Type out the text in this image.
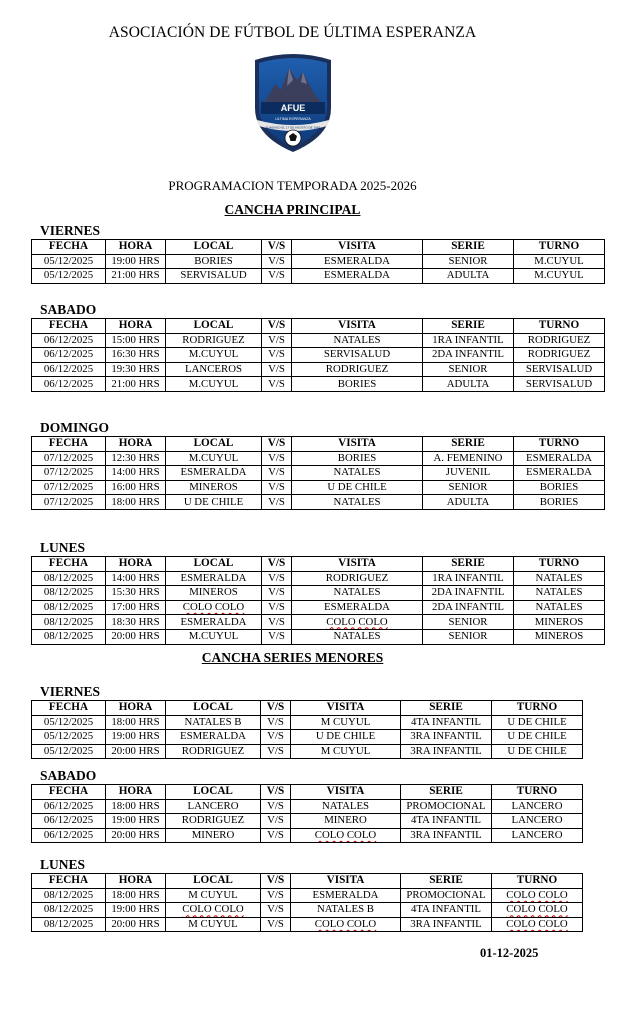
ASOCIACIÓN DE FÚTBOL DE ÚLTIMA ESPERANZA
AFUE
ULTIMA ESPERANZA
FUNDADO EL 17 DE AGOSTO DE 1942
PROGRAMACION TEMPORADA 2025-2026
CANCHA PRINCIPAL
VIERNES
FECHA	HORA	LOCAL	V/S	VISITA	SERIE	TURNO
05/12/2025	19:00 HRS	BORIES	V/S	ESMERALDA	SENIOR	M.CUYUL
05/12/2025	21:00 HRS	SERVISALUD	V/S	ESMERALDA	ADULTA	M.CUYUL
SABADO
FECHA	HORA	LOCAL	V/S	VISITA	SERIE	TURNO
06/12/2025	15:00 HRS	RODRIGUEZ	V/S	NATALES	1RA INFANTIL	RODRIGUEZ
06/12/2025	16:30 HRS	M.CUYUL	V/S	SERVISALUD	2DA INFANTIL	RODRIGUEZ
06/12/2025	19:30 HRS	LANCEROS	V/S	RODRIGUEZ	SENIOR	SERVISALUD
06/12/2025	21:00 HRS	M.CUYUL	V/S	BORIES	ADULTA	SERVISALUD
DOMINGO
FECHA	HORA	LOCAL	V/S	VISITA	SERIE	TURNO
07/12/2025	12:30 HRS	M.CUYUL	V/S	BORIES	A. FEMENINO	ESMERALDA
07/12/2025	14:00 HRS	ESMERALDA	V/S	NATALES	JUVENIL	ESMERALDA
07/12/2025	16:00 HRS	MINEROS	V/S	U DE CHILE	SENIOR	BORIES
07/12/2025	18:00 HRS	U DE CHILE	V/S	NATALES	ADULTA	BORIES
LUNES
FECHA	HORA	LOCAL	V/S	VISITA	SERIE	TURNO
08/12/2025	14:00 HRS	ESMERALDA	V/S	RODRIGUEZ	1RA INFANTIL	NATALES
08/12/2025	15:30 HRS	MINEROS	V/S	NATALES	2DA INAFNTIL	NATALES
08/12/2025	17:00 HRS	COLO COLO	V/S	ESMERALDA	2DA INFANTIL	NATALES
08/12/2025	18:30 HRS	ESMERALDA	V/S	COLO COLO	SENIOR	MINEROS
08/12/2025	20:00 HRS	M.CUYUL	V/S	NATALES	SENIOR	MINEROS
CANCHA SERIES MENORES
VIERNES
FECHA	HORA	LOCAL	V/S	VISITA	SERIE	TURNO
05/12/2025	18:00 HRS	NATALES B	V/S	M CUYUL	4TA INFANTIL	U DE CHILE
05/12/2025	19:00 HRS	ESMERALDA	V/S	U DE CHILE	3RA INFANTIL	U DE CHILE
05/12/2025	20:00 HRS	RODRIGUEZ	V/S	M CUYUL	3RA INFANTIL	U DE CHILE
SABADO
FECHA	HORA	LOCAL	V/S	VISITA	SERIE	TURNO
06/12/2025	18:00 HRS	LANCERO	V/S	NATALES	PROMOCIONAL	LANCERO
06/12/2025	19:00 HRS	RODRIGUEZ	V/S	MINERO	4TA INFANTIL	LANCERO
06/12/2025	20:00 HRS	MINERO	V/S	COLO COLO	3RA INFANTIL	LANCERO
LUNES
FECHA	HORA	LOCAL	V/S	VISITA	SERIE	TURNO
08/12/2025	18:00 HRS	M CUYUL	V/S	ESMERALDA	PROMOCIONAL	COLO COLO
08/12/2025	19:00 HRS	COLO COLO	V/S	NATALES B	4TA INFANTIL	COLO COLO
08/12/2025	20:00 HRS	M CUYUL	V/S	COLO COLO	3RA INFANTIL	COLO COLO
01-12-2025
